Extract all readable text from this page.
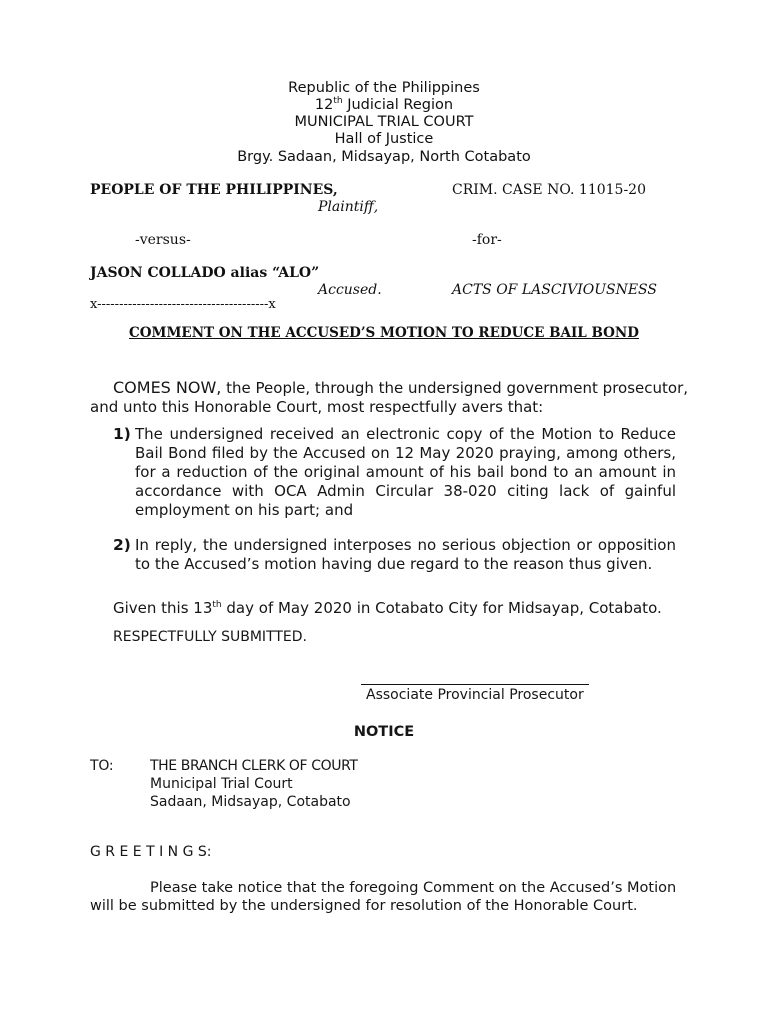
Republic of the Philippines
12th Judicial Region
MUNICIPAL TRIAL COURT
Hall of Justice
Brgy. Sadaan, Midsayap, North Cotabato
PEOPLE OF THE PHILIPPINES,
Plaintiff,
CRIM. CASE NO. 11015-20
-versus-	-for-
JASON COLLADO alias “ALO”
Accused.	ACTS OF LASCIVIOUSNESS
x---------------------------------------x
COMMENT ON THE ACCUSED’S MOTION TO REDUCE BAIL BOND
COMES NOW, the People, through the undersigned government prosecutor,
and unto this Honorable Court, most respectfully avers that:
1) The undersigned received an electronic copy of the Motion to Reduce Bail Bond filed by the Accused on 12 May 2020 praying, among others, for a reduction of the original amount of his bail bond to an amount in accordance with OCA Admin Circular 38-020 citing lack of gainful employment on his part; and
2) In reply, the undersigned interposes no serious objection or opposition to the Accused’s motion having due regard to the reason thus given.
Given this 13th day of May 2020 in Cotabato City for Midsayap, Cotabato.
RESPECTFULLY SUBMITTED.
Associate Provincial Prosecutor
NOTICE
TO:	THE BRANCH CLERK OF COURT
Municipal Trial Court
Sadaan, Midsayap, Cotabato
G R E E T I N G S:
Please take notice that the foregoing Comment on the Accused’s Motion
will be submitted by the undersigned for resolution of the Honorable Court.
